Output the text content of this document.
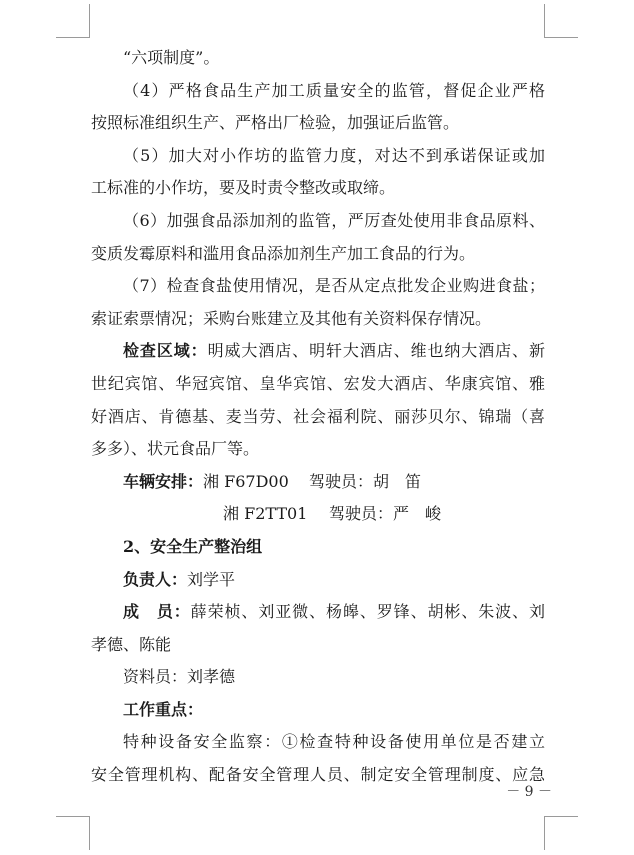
“六项制度”。
（4）严格食品生产加工质量安全的监管，督促企业严格
按照标准组织生产、严格出厂检验，加强证后监管。
（5）加大对小作坊的监管力度，对达不到承诺保证或加
工标准的小作坊，要及时责令整改或取缔。
（6）加强食品添加剂的监管，严厉查处使用非食品原料、
变质发霉原料和滥用食品添加剂生产加工食品的行为。
（7）检查食盐使用情况，是否从定点批发企业购进食盐；
索证索票情况；采购台账建立及其他有关资料保存情况。
检查区域：明威大酒店、明轩大酒店、维也纳大酒店、新
世纪宾馆、华冠宾馆、皇华宾馆、宏发大酒店、华康宾馆、雅
好酒店、肯德基、麦当劳、社会福利院、丽莎贝尔、锦瑞（喜
多多）、状元食品厂等。
车辆安排：湘 F67D00 驾驶员：胡　笛
湘 F2TT01 驾驶员：严　峻
2、安全生产整治组
负责人：刘学平
成　员：薛荣桢、刘亚微、杨皞、罗锋、胡彬、朱波、刘
孝德、陈能
资料员：刘孝德
工作重点：
特种设备安全监察：①检查特种设备使用单位是否建立
安全管理机构、配备安全管理人员、制定安全管理制度、应急
－ 9 －
